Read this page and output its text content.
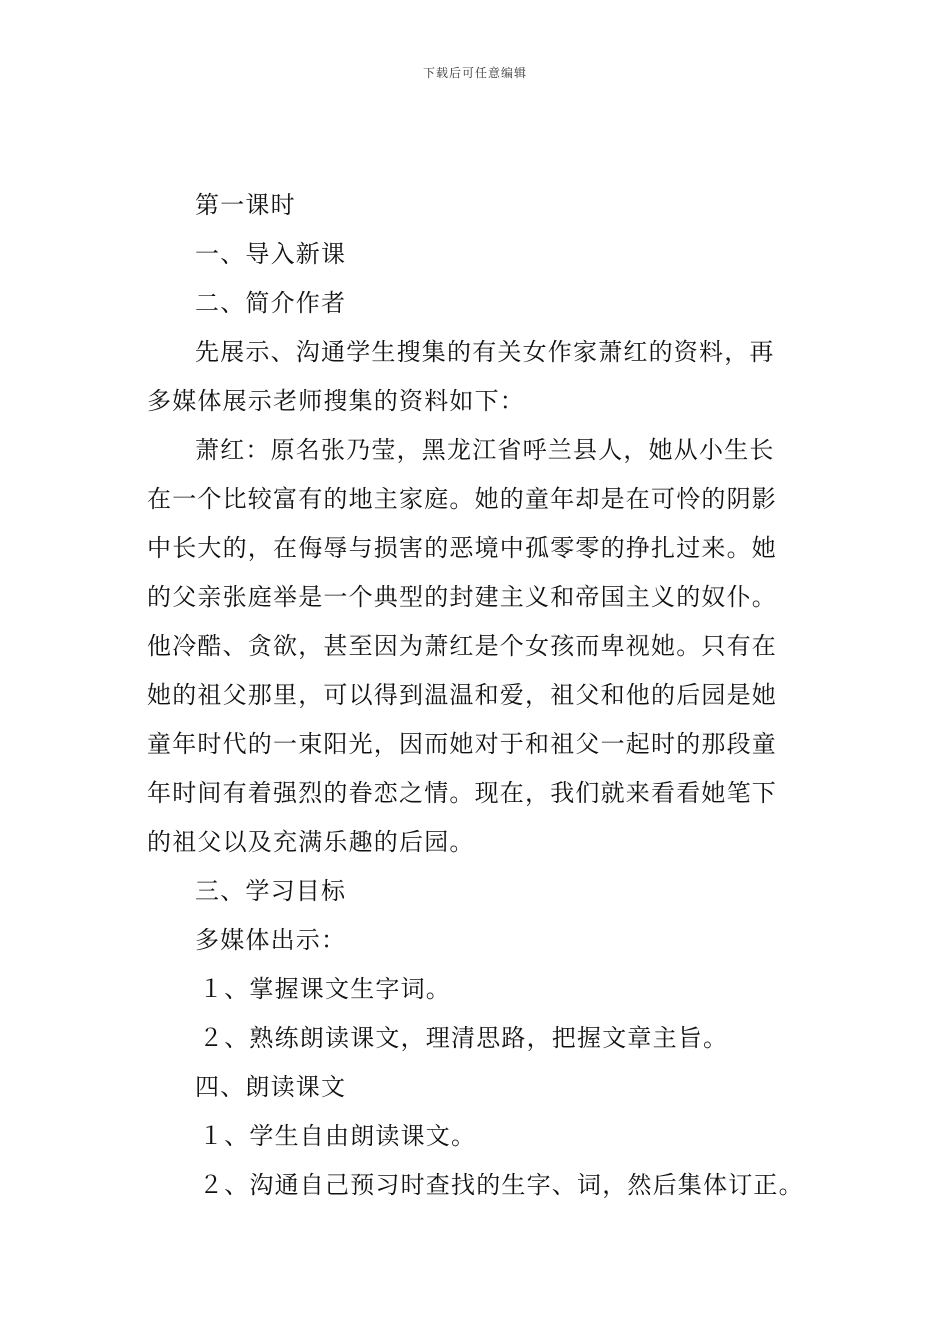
下载后可任意编辑

第一课时

一、导入新课

二、简介作者

先展示、沟通学生搜集的有关女作家萧红的资料，再
多媒体展示老师搜集的资料如下：

萧红：原名张乃莹，黑龙江省呼兰县人，她从小生长
在一个比较富有的地主家庭。她的童年却是在可怜的阴影
中长大的，在侮辱与损害的恶境中孤零零的挣扎过来。她
的父亲张庭举是一个典型的封建主义和帝国主义的奴仆。
他冷酷、贪欲，甚至因为萧红是个女孩而卑视她。只有在
她的祖父那里，可以得到温温和爱，祖父和他的后园是她
童年时代的一束阳光，因而她对于和祖父一起时的那段童
年时间有着强烈的眷恋之情。现在，我们就来看看她笔下
的祖父以及充满乐趣的后园。

三、学习目标

多媒体出示：

１、掌握课文生字词。

２、熟练朗读课文，理清思路，把握文章主旨。

四、朗读课文

１、学生自由朗读课文。

２、沟通自己预习时查找的生字、词，然后集体订正。
